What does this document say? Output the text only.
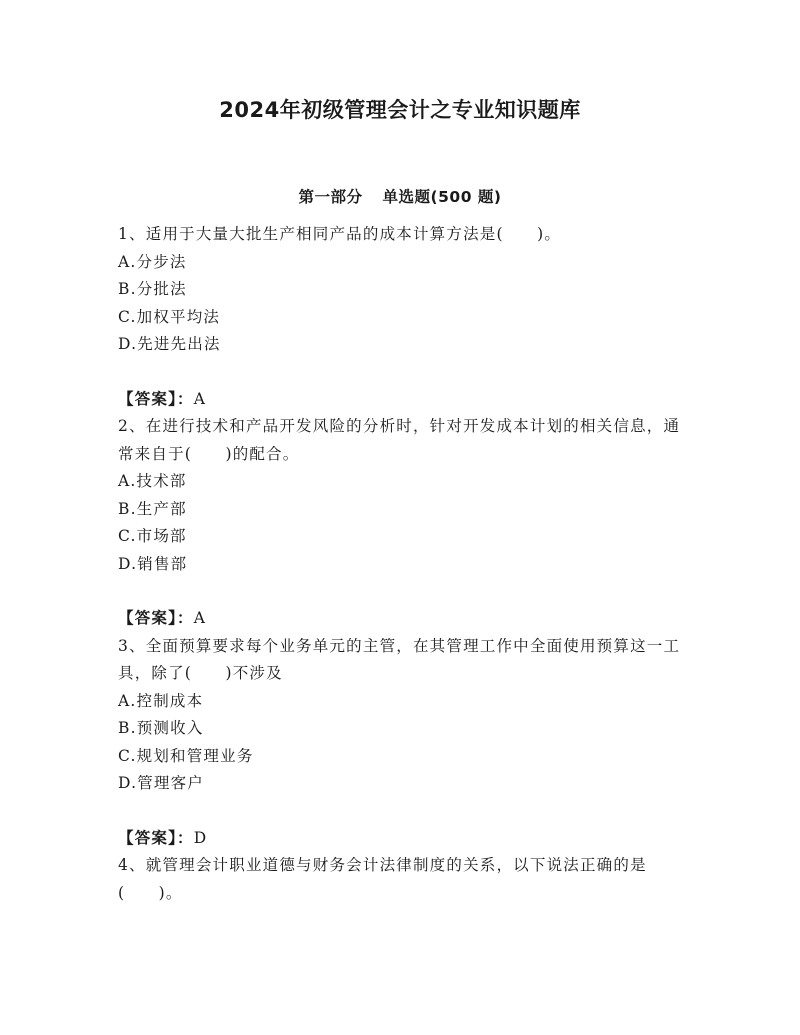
2024年初级管理会计之专业知识题库
第一部分 单选题(500 题)

1、适用于大量大批生产相同产品的成本计算方法是(　　)。

A.分步法

B.分批法

C.加权平均法

D.先进先出法

【答案】：A

2、在进行技术和产品开发风险的分析时，针对开发成本计划的相关信息，通常来自于(　　)的配合。

A.技术部

B.生产部

C.市场部

D.销售部

【答案】：A

3、全面预算要求每个业务单元的主管，在其管理工作中全面使用预算这一工具，除了(　　)不涉及

A.控制成本

B.预测收入

C.规划和管理业务

D.管理客户

【答案】：D

4、就管理会计职业道德与财务会计法律制度的关系，以下说法正确的是(　　)。
